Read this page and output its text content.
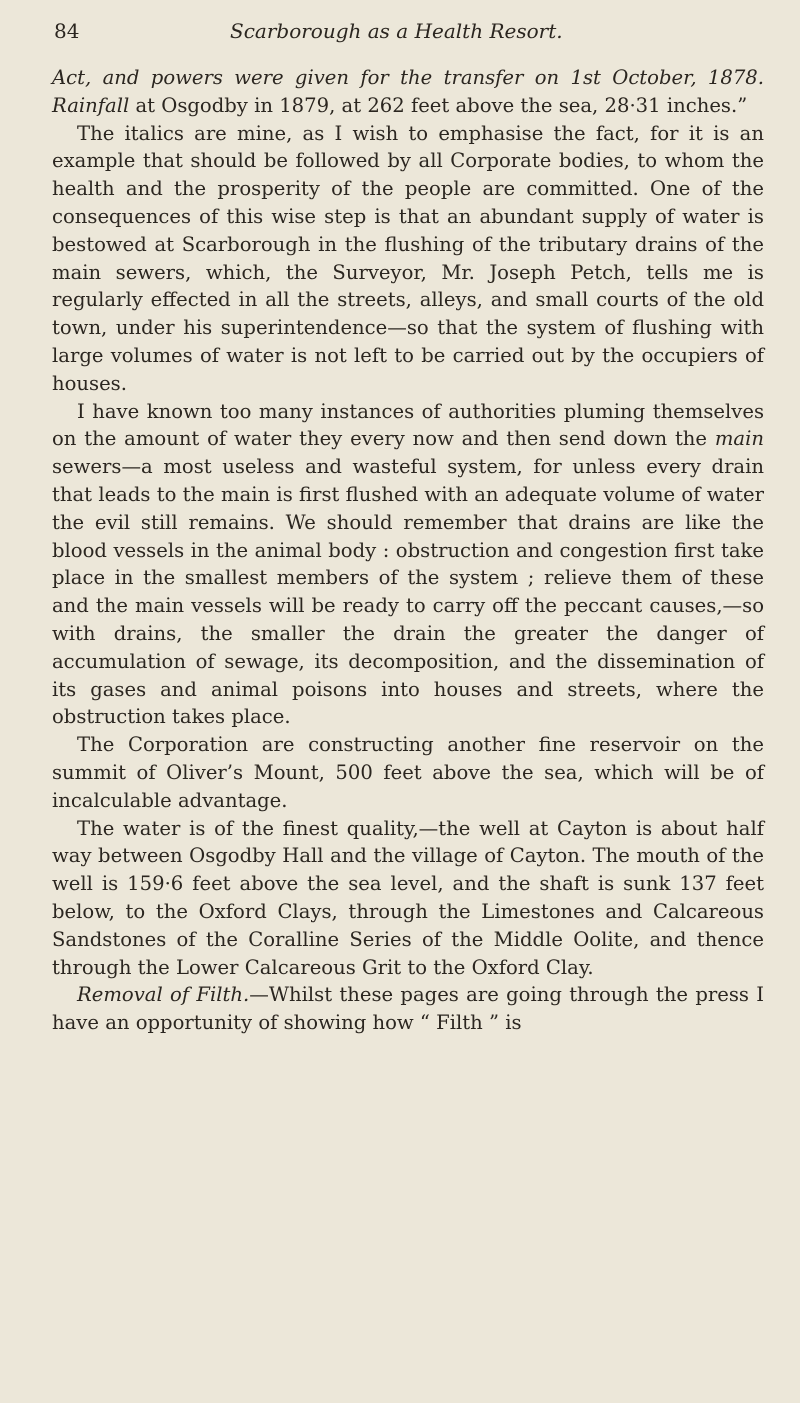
84	Scarborough as a Health Resort.

Act, and powers were given for the transfer on 1st October, 1878. Rainfall at Osgodby in 1879, at 262 feet above the sea, 28·31 inches.”

The italics are mine, as I wish to emphasise the fact, for it is an example that should be followed by all Corporate bodies, to whom the health and the prosperity of the people are committed. One of the consequences of this wise step is that an abundant supply of water is bestowed at Scarborough in the flushing of the tributary drains of the main sewers, which, the Surveyor, Mr. Joseph Petch, tells me is regularly effected in all the streets, alleys, and small courts of the old town, under his superintendence—so that the system of flushing with large volumes of water is not left to be carried out by the occupiers of houses.

I have known too many instances of authorities pluming themselves on the amount of water they every now and then send down the main sewers—a most useless and wasteful system, for unless every drain that leads to the main is first flushed with an adequate volume of water the evil still remains. We should remember that drains are like the blood vessels in the animal body : obstruction and congestion first take place in the smallest members of the system ; relieve them of these and the main vessels will be ready to carry off the peccant causes,—so with drains, the smaller the drain the greater the danger of accumulation of sewage, its decomposition, and the dissemination of its gases and animal poisons into houses and streets, where the obstruction takes place.

The Corporation are constructing another fine reservoir on the summit of Oliver’s Mount, 500 feet above the sea, which will be of incalculable advantage.

The water is of the finest quality,—the well at Cayton is about half way between Osgodby Hall and the village of Cayton. The mouth of the well is 159·6 feet above the sea level, and the shaft is sunk 137 feet below, to the Oxford Clays, through the Limestones and Calcareous Sandstones of the Coralline Series of the Middle Oolite, and thence through the Lower Calcareous Grit to the Oxford Clay.

Removal of Filth.—Whilst these pages are going through the press I have an opportunity of showing how “ Filth ” is
